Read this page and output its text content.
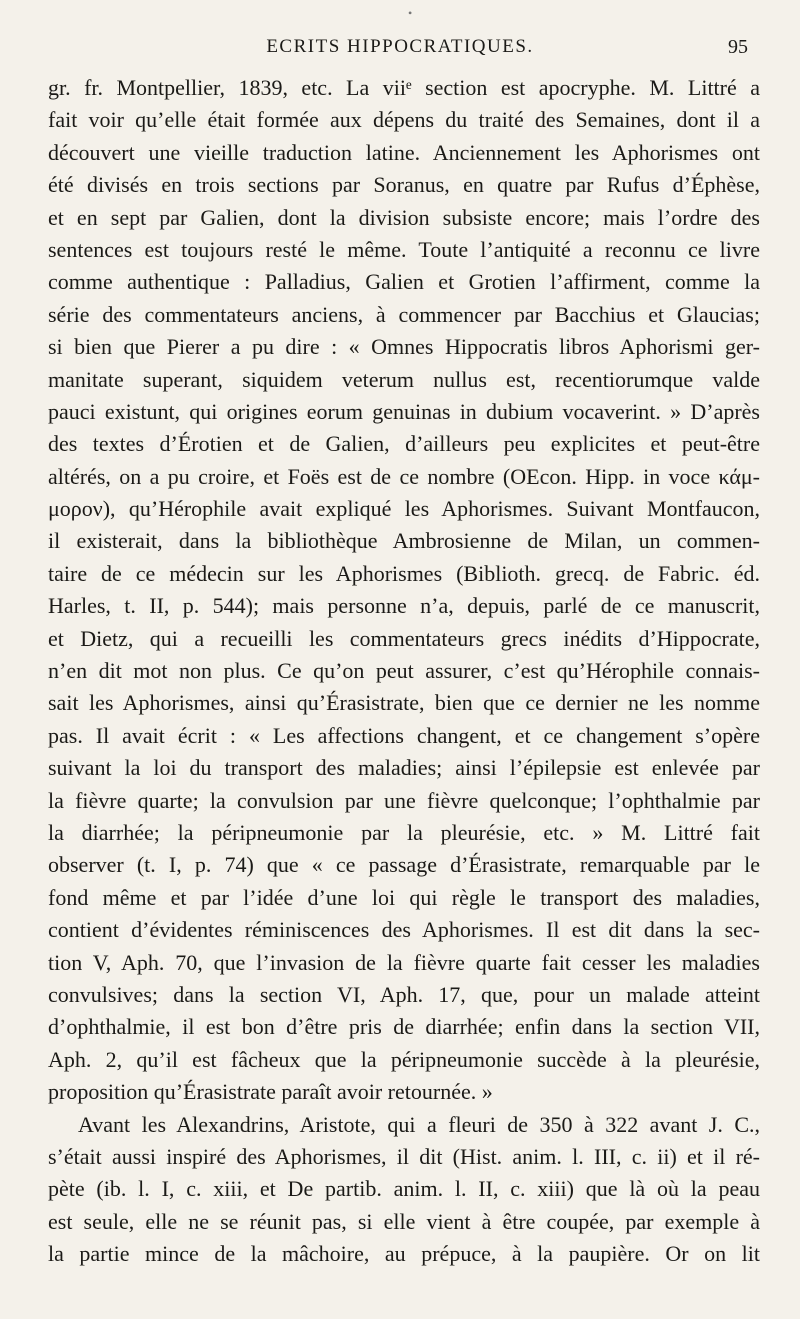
•
ECRITS HIPPOCRATIQUES.	95
gr. fr. Montpellier, 1839, etc. La viiᵉ section est apocryphe. M. Littré a
fait voir qu’elle était formée aux dépens du traité des Semaines, dont il a
découvert une vieille traduction latine. Anciennement les Aphorismes ont
été divisés en trois sections par Soranus, en quatre par Rufus d’Éphèse,
et en sept par Galien, dont la division subsiste encore; mais l’ordre des
sentences est toujours resté le même. Toute l’antiquité a reconnu ce livre
comme authentique : Palladius, Galien et Grotien l’affirment, comme la
série des commentateurs anciens, à commencer par Bacchius et Glaucias;
si bien que Pierer a pu dire : « Omnes Hippocratis libros Aphorismi ger-
manitate superant, siquidem veterum nullus est, recentiorumque valde
pauci existunt, qui origines eorum genuinas in dubium vocaverint. » D’après
des textes d’Érotien et de Galien, d’ailleurs peu explicites et peut-être
altérés, on a pu croire, et Foës est de ce nombre (OEcon. Hipp. in voce κάμ-
μορον), qu’Hérophile avait expliqué les Aphorismes. Suivant Montfaucon,
il existerait, dans la bibliothèque Ambrosienne de Milan, un commen-
taire de ce médecin sur les Aphorismes (Biblioth. grecq. de Fabric. éd.
Harles, t. II, p. 544); mais personne n’a, depuis, parlé de ce manuscrit,
et Dietz, qui a recueilli les commentateurs grecs inédits d’Hippocrate,
n’en dit mot non plus. Ce qu’on peut assurer, c’est qu’Hérophile connais-
sait les Aphorismes, ainsi qu’Érasistrate, bien que ce dernier ne les nomme
pas. Il avait écrit : « Les affections changent, et ce changement s’opère
suivant la loi du transport des maladies; ainsi l’épilepsie est enlevée par
la fièvre quarte; la convulsion par une fièvre quelconque; l’ophthalmie par
la diarrhée; la péripneumonie par la pleurésie, etc. » M. Littré fait
observer (t. I, p. 74) que « ce passage d’Érasistrate, remarquable par le
fond même et par l’idée d’une loi qui règle le transport des maladies,
contient d’évidentes réminiscences des Aphorismes. Il est dit dans la sec-
tion V, Aph. 70, que l’invasion de la fièvre quarte fait cesser les maladies
convulsives; dans la section VI, Aph. 17, que, pour un malade atteint
d’ophthalmie, il est bon d’être pris de diarrhée; enfin dans la section VII,
Aph. 2, qu’il est fâcheux que la péripneumonie succède à la pleurésie,
proposition qu’Érasistrate paraît avoir retournée. »
Avant les Alexandrins, Aristote, qui a fleuri de 350 à 322 avant J. C.,
s’était aussi inspiré des Aphorismes, il dit (Hist. anim. l. III, c. ii) et il ré-
pète (ib. l. I, c. xiii, et De partib. anim. l. II, c. xiii) que là où la peau
est seule, elle ne se réunit pas, si elle vient à être coupée, par exemple à
la partie mince de la mâchoire, au prépuce, à la paupière. Or on lit
